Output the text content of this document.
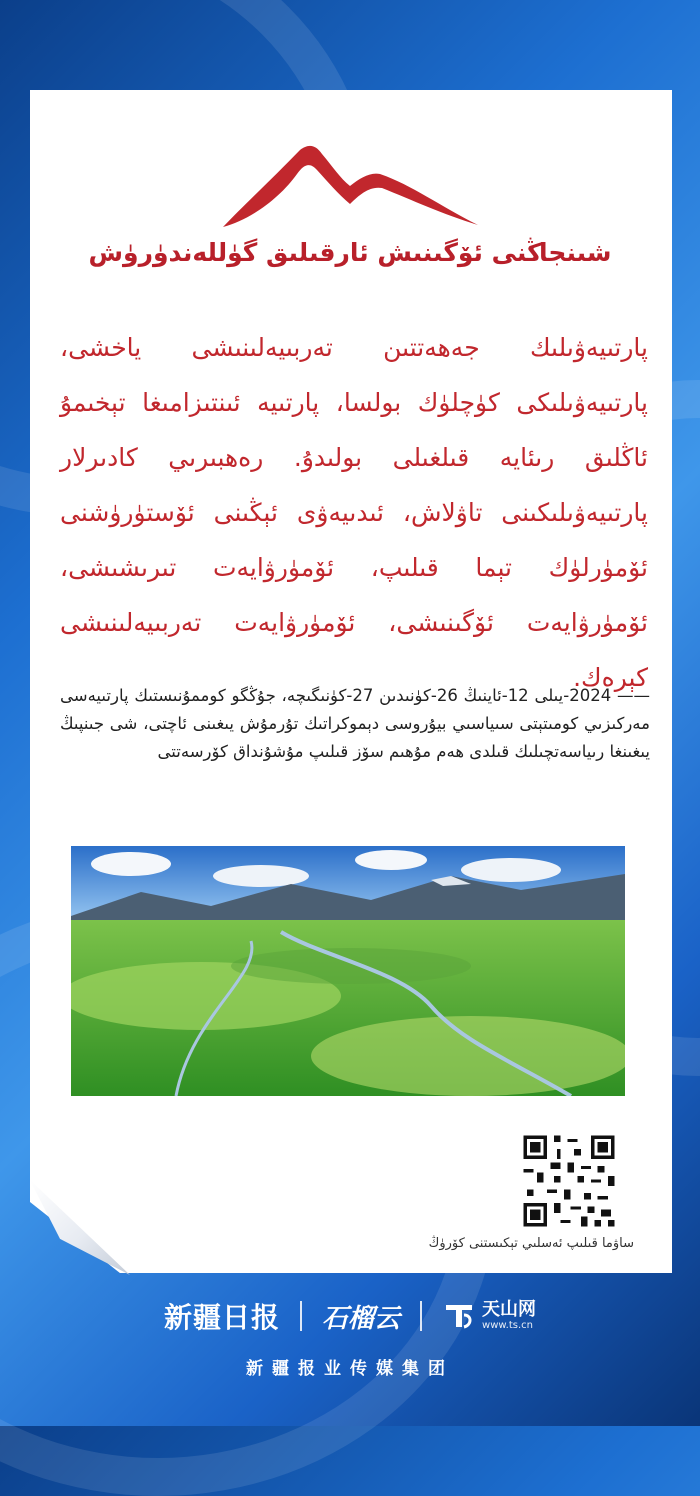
شىنجاڭنى ئۆگىنىش ئارقىلىق گۈللەندۈرۈش

پارتىيەۋىلىك جەھەتتىن تەربىيەلىنىشى ياخشى، پارتىيەۋىلىكى كۈچلۈك بولسا، پارتىيە ئىنتىزامىغا تېخىمۇ ئاڭلىق رىئايە قىلغىلى بولىدۇ. رەھبىرىي كادىرلار پارتىيەۋىلىكىنى تاۋلاش، ئىدىيەۋى ئېڭىنى ئۆستۈرۈشنى ئۆمۈرلۈك تېما قىلىپ، ئۆمۈرۋايەت تىرىشىشى، ئۆمۈرۋايەت ئۆگىنىشى، ئۆمۈرۋايەت تەربىيەلىنىشى كېرەك.

—— 2024-يىلى 12-ئاينىڭ 26-كۈنىدىن 27-كۈنىگىچە، جۇڭگو كوممۇنىستىك پارتىيەسى مەركىزىي كومىتېتى سىياسىي بيۇروسى دېموكراتىك تۇرمۇش يىغىنى ئاچتى، شى جىنپىڭ يىغىنغا رىياسەتچىلىك قىلدى ھەم مۇھىم سۆز قىلىپ مۇشۇنداق كۆرسەتتى

ساۋما قىلىپ ئەسلىي تېكىستنى كۆرۈڭ

新疆日报 石榴云	天山网
www.ts.cn
新疆报业传媒集团
